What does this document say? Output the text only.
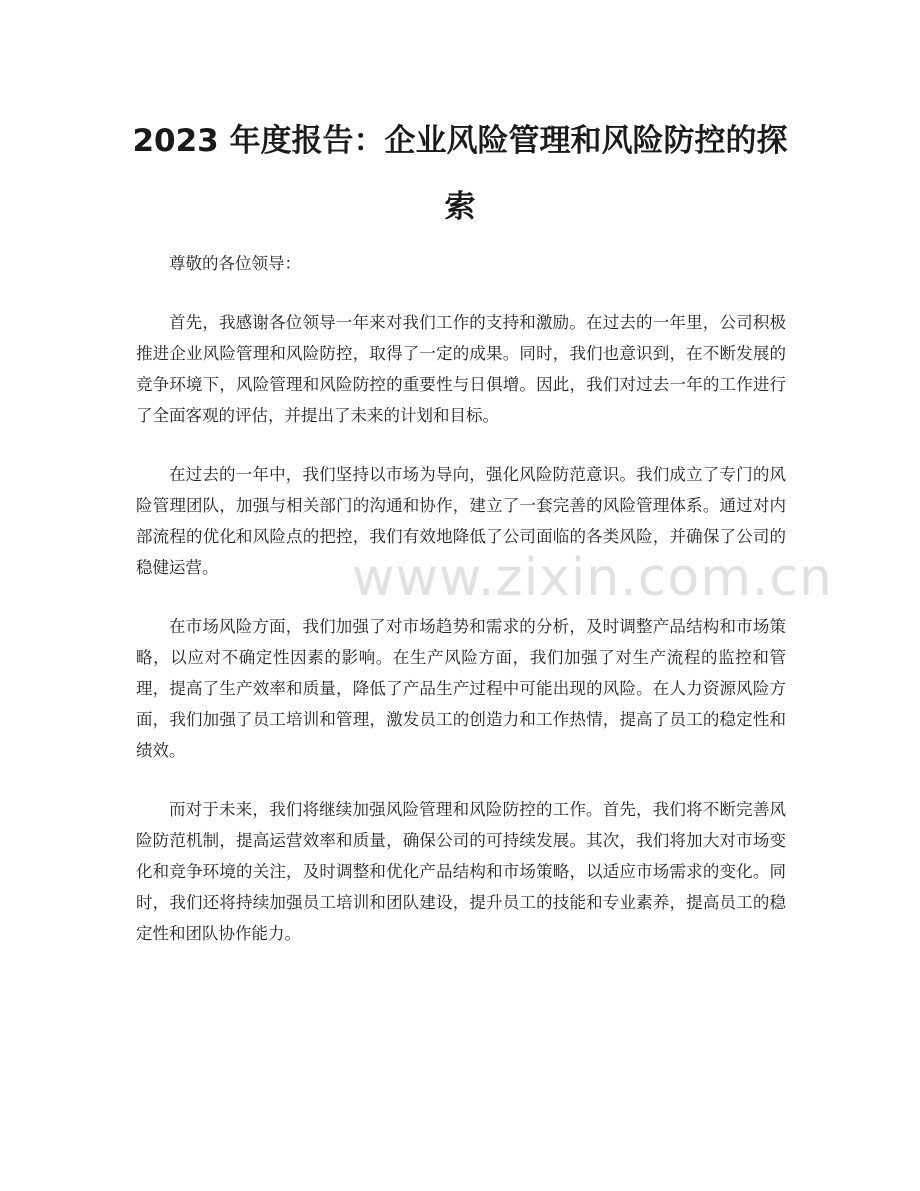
2023 年度报告：企业风险管理和风险防控的探索

尊敬的各位领导：

首先，我感谢各位领导一年来对我们工作的支持和激励。在过去的一年里，公司积极推进企业风险管理和风险防控，取得了一定的成果。同时，我们也意识到，在不断发展的竞争环境下，风险管理和风险防控的重要性与日俱增。因此，我们对过去一年的工作进行了全面客观的评估，并提出了未来的计划和目标。

在过去的一年中，我们坚持以市场为导向，强化风险防范意识。我们成立了专门的风险管理团队，加强与相关部门的沟通和协作，建立了一套完善的风险管理体系。通过对内部流程的优化和风险点的把控，我们有效地降低了公司面临的各类风险，并确保了公司的稳健运营。

在市场风险方面，我们加强了对市场趋势和需求的分析，及时调整产品结构和市场策略，以应对不确定性因素的影响。在生产风险方面，我们加强了对生产流程的监控和管理，提高了生产效率和质量，降低了产品生产过程中可能出现的风险。在人力资源风险方面，我们加强了员工培训和管理，激发员工的创造力和工作热情，提高了员工的稳定性和绩效。

而对于未来，我们将继续加强风险管理和风险防控的工作。首先，我们将不断完善风险防范机制，提高运营效率和质量，确保公司的可持续发展。其次，我们将加大对市场变化和竞争环境的关注，及时调整和优化产品结构和市场策略，以适应市场需求的变化。同时，我们还将持续加强员工培训和团队建设，提升员工的技能和专业素养，提高员工的稳定性和团队协作能力。

www.zixin.com.cn
